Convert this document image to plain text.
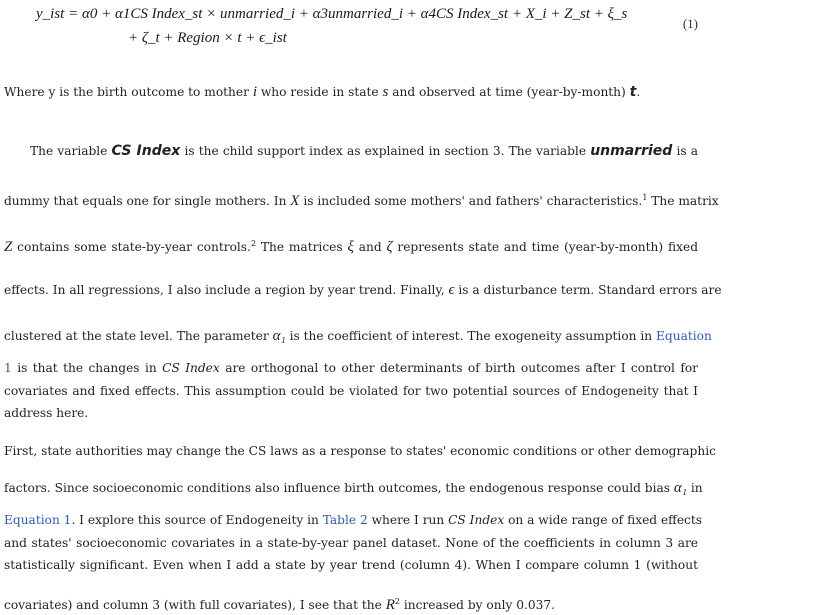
y_ist = α0 + α1CS Index_st × unmarried_i + α3unmarried_i + α4CS Index_st + X_i + Z_st + ξ_s
+ ζ_t + Region × t + ϵ_ist
(1)
Where y is the birth outcome to mother i who reside in state s and observed at time (year-by-month) t.
The variable CS Index is the child support index as explained in section 3. The variable unmarried is a
dummy that equals one for single mothers. In X is included some mothers' and fathers' characteristics.$^1$ The matrix
Z contains some state-by-year controls.$^2$ The matrices ξ and ζ represents state and time (year-by-month) fixed
effects. In all regressions, I also include a region by year trend. Finally, ϵ is a disturbance term. Standard errors are
clustered at the state level. The parameter α₁ is the coefficient of interest. The exogeneity assumption in Equation
1 is that the changes in CS Index are orthogonal to other determinants of birth outcomes after I control for
covariates and fixed effects. This assumption could be violated for two potential sources of Endogeneity that I
address here.
First, state authorities may change the CS laws as a response to states' economic conditions or other demographic
factors. Since socioeconomic conditions also influence birth outcomes, the endogenous response could bias α₁ in
Equation 1. I explore this source of Endogeneity in Table 2 where I run CS Index on a wide range of fixed effects
and states' socioeconomic covariates in a state-by-year panel dataset. None of the coefficients in column 3 are
statistically significant. Even when I add a state by year trend (column 4). When I compare column 1 (without
covariates) and column 3 (with full covariates), I see that the $R^2$ increased by only 0.037.
